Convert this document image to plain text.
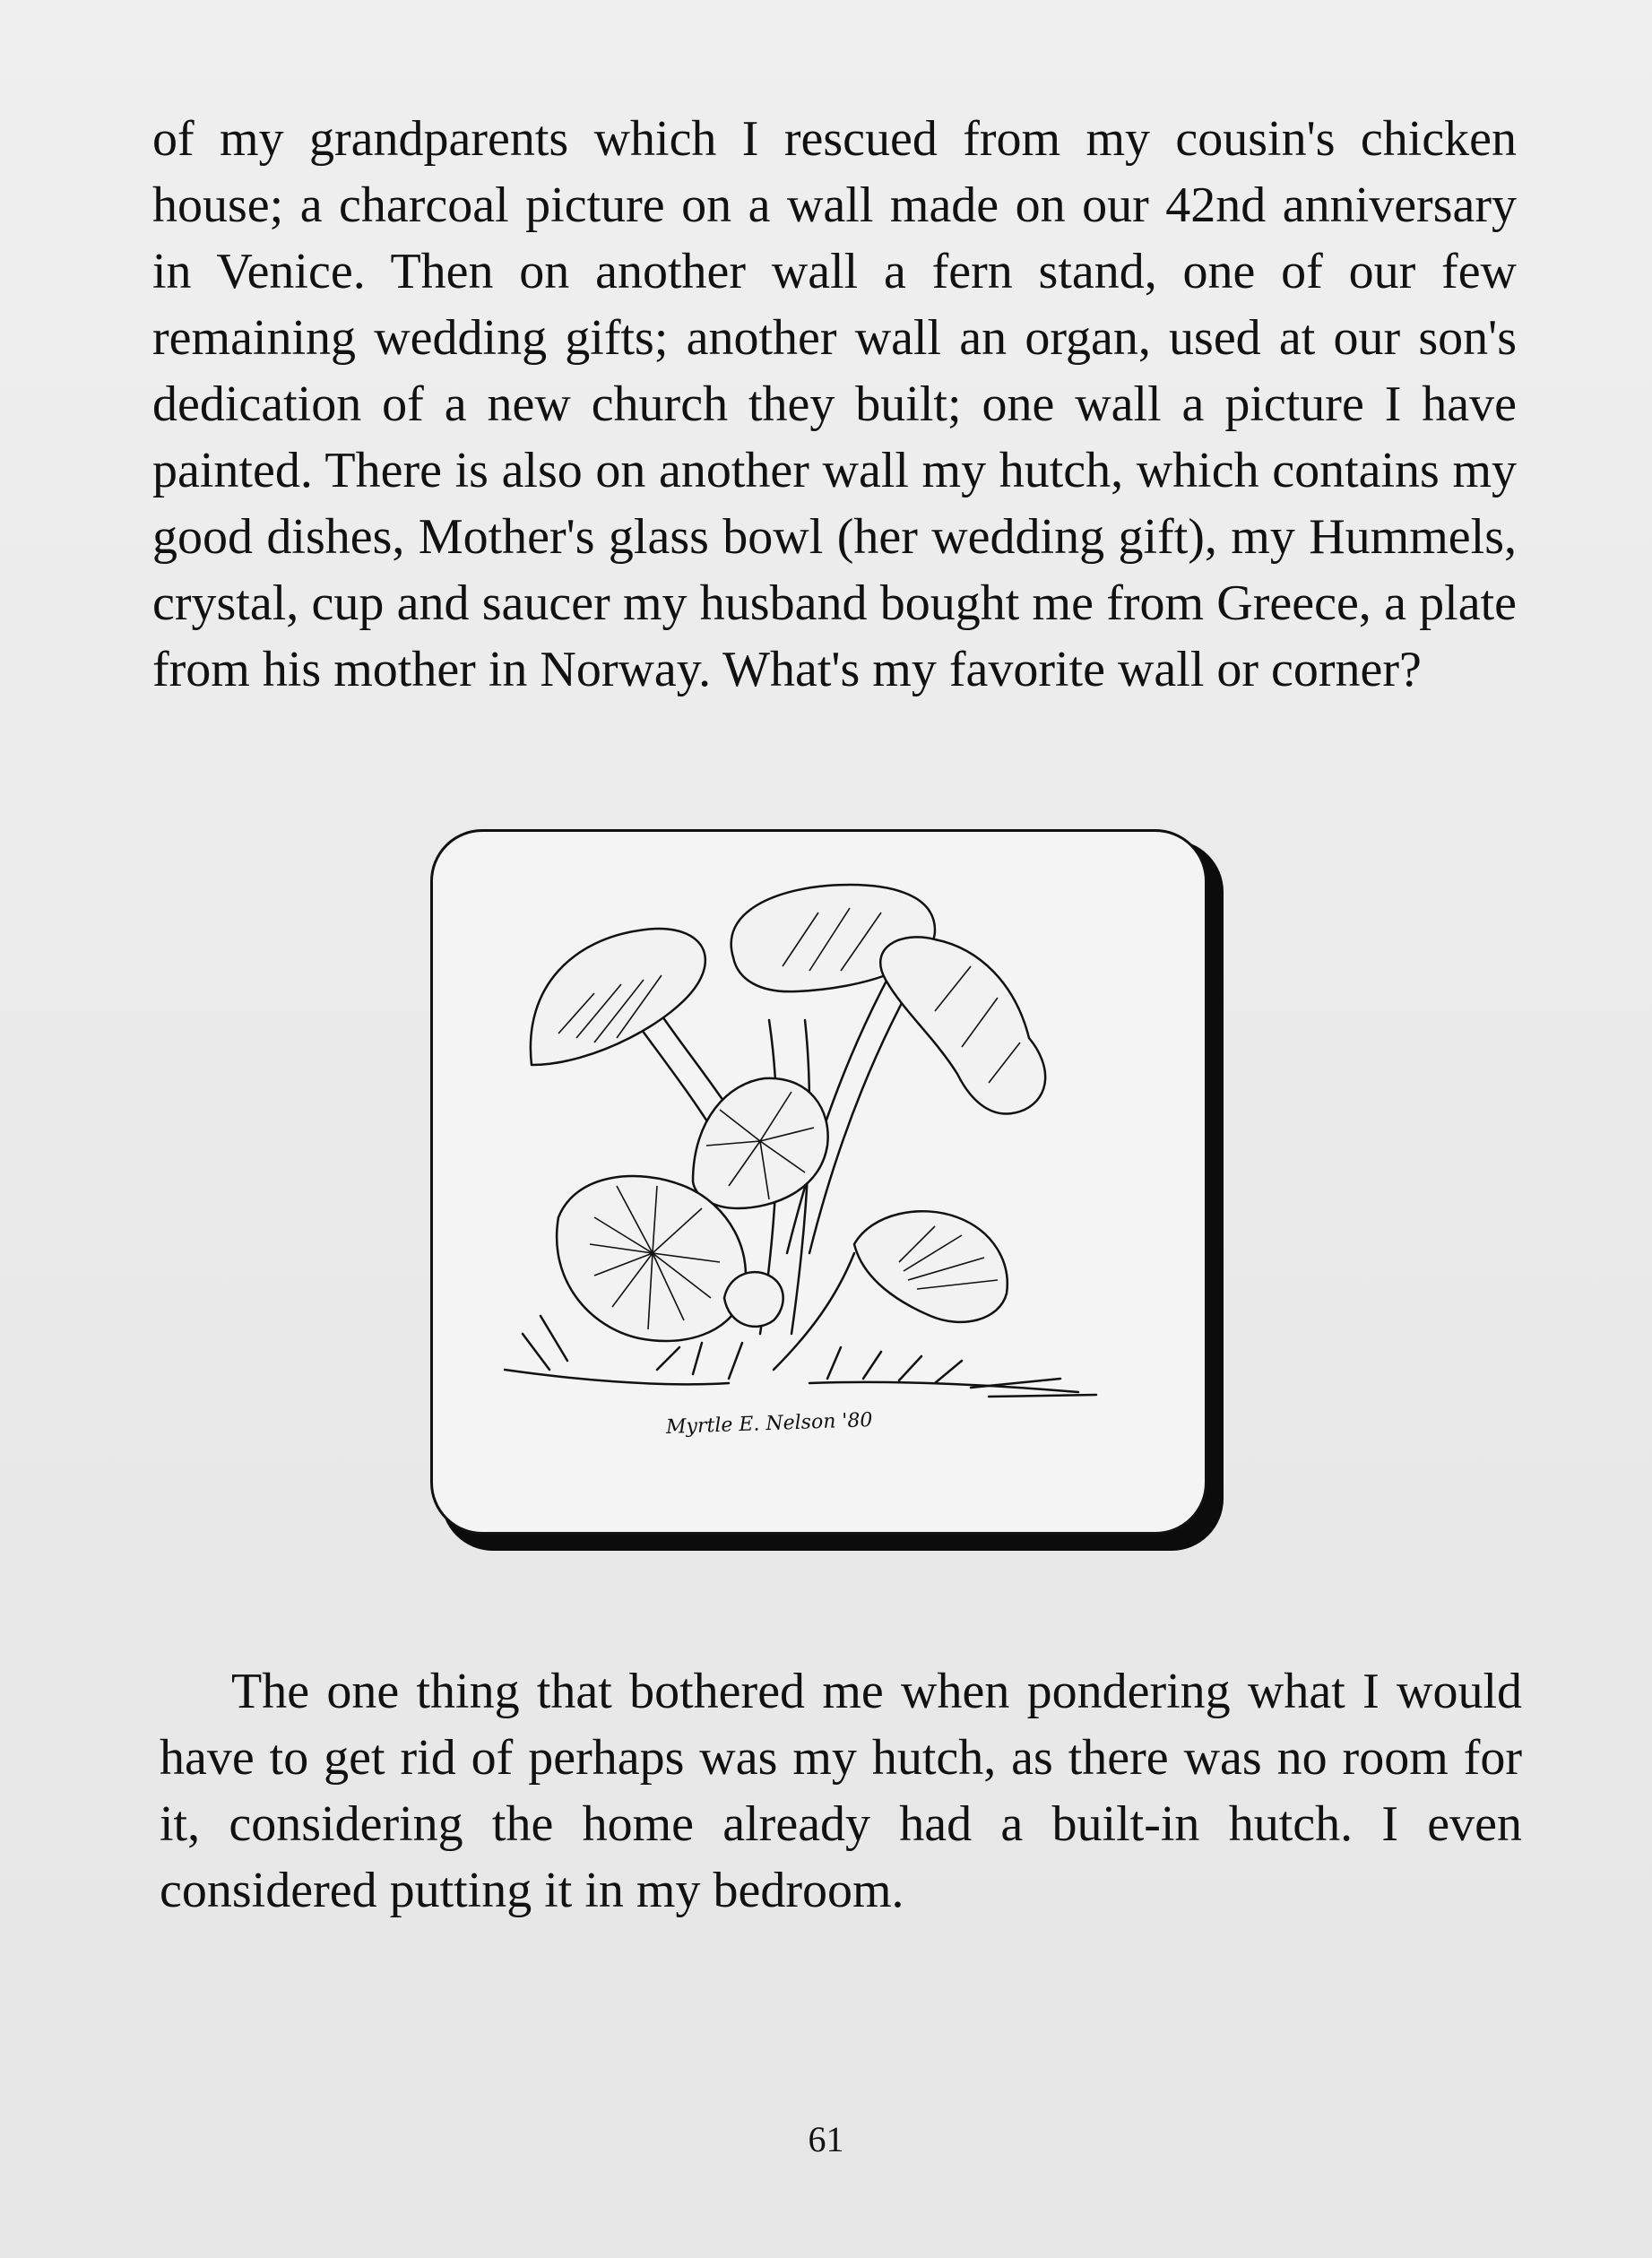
of my grandparents which I rescued from my cousin's chicken house; a charcoal picture on a wall made on our 42nd anniversary in Venice. Then on another wall a fern stand, one of our few remaining wedding gifts; another wall an organ, used at our son's dedication of a new church they built; one wall a picture I have painted. There is also on another wall my hutch, which contains my good dishes, Mother's glass bowl (her wedding gift), my Hummels, crystal, cup and saucer my husband bought me from Greece, a plate from his mother in Norway. What's my favorite wall or corner?

Myrtle E. Nelson '80

The one thing that bothered me when pondering what I would have to get rid of perhaps was my hutch, as there was no room for it, considering the home already had a built-in hutch. I even considered putting it in my bedroom.

61
